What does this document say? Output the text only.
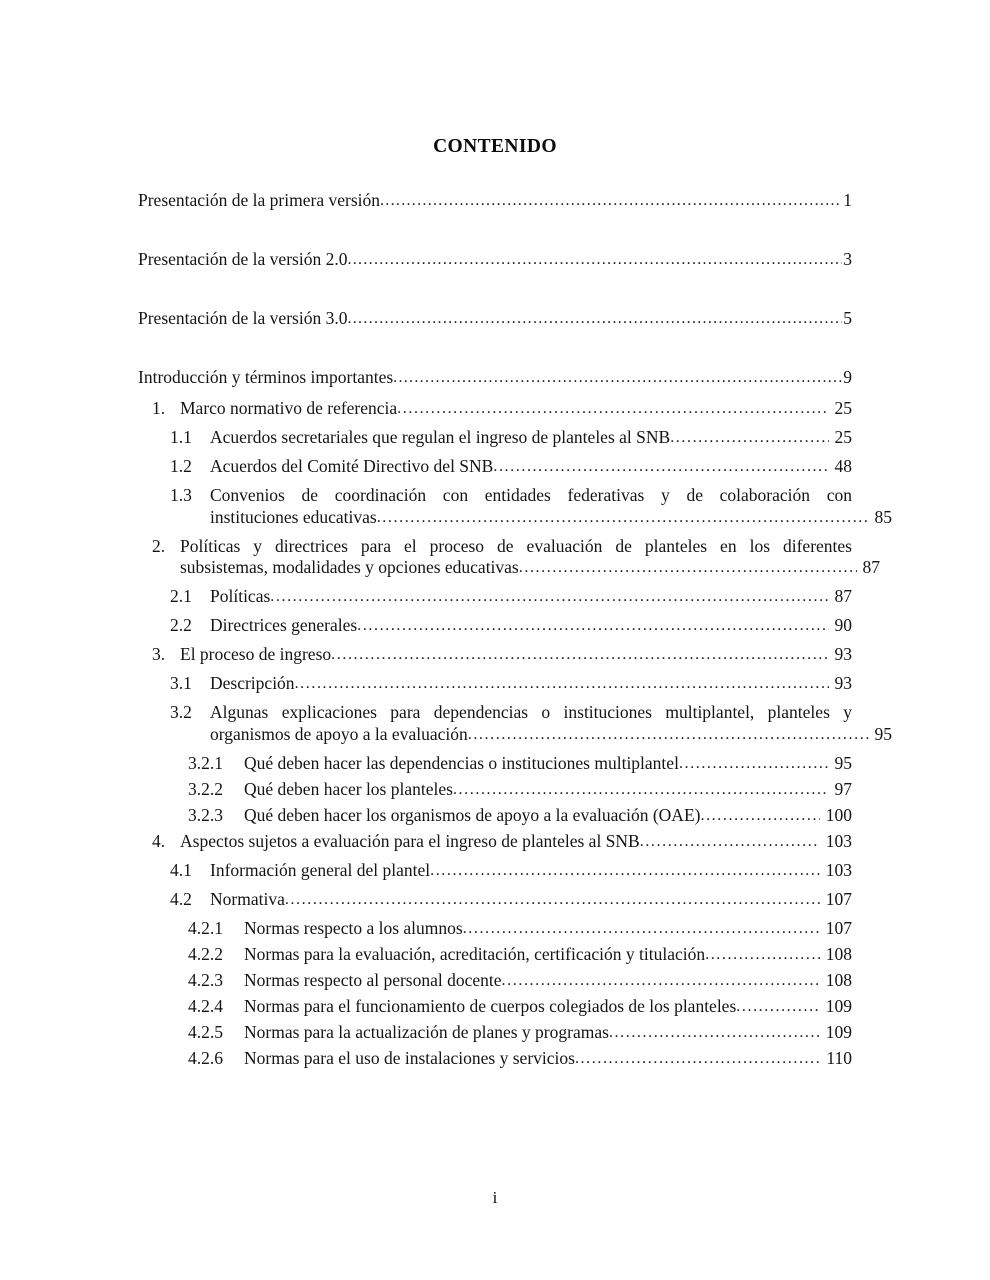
CONTENIDO
Presentación de la primera versión .....	1
Presentación de la versión 2.0 .....	3
Presentación de la versión 3.0 .....	5
Introducción y términos importantes .....	9
1. Marco normativo de referencia .....	25
1.1	Acuerdos secretariales que regulan el ingreso de planteles al SNB .....	25
1.2	Acuerdos del Comité Directivo del SNB .....	48
1.3	Convenios de coordinación con entidades federativas y de colaboración con
instituciones educativas .....	85
2. Políticas y directrices para el proceso de evaluación de planteles en los diferentes
subsistemas, modalidades y opciones educativas .....	87
2.1	Políticas .....	87
2.2	Directrices generales .....	90
3. El proceso de ingreso .....	93
3.1	Descripción .....	93
3.2	Algunas explicaciones para dependencias o instituciones multiplantel, planteles y
organismos de apoyo a la evaluación .....	95
3.2.1	Qué deben hacer las dependencias o instituciones multiplantel .....	95
3.2.2	Qué deben hacer los planteles .....	97
3.2.3	Qué deben hacer los organismos de apoyo a la evaluación (OAE) .....	100
4. Aspectos sujetos a evaluación para el ingreso de planteles al SNB .....	103
4.1	Información general del plantel .....	103
4.2	Normativa .....	107
4.2.1	Normas respecto a los alumnos .....	107
4.2.2	Normas para la evaluación, acreditación, certificación y titulación .....	108
4.2.3	Normas respecto al personal docente .....	108
4.2.4	Normas para el funcionamiento de cuerpos colegiados de los planteles .....	109
4.2.5	Normas para la actualización de planes y programas .....	109
4.2.6	Normas para el uso de instalaciones y servicios .....	110
i
